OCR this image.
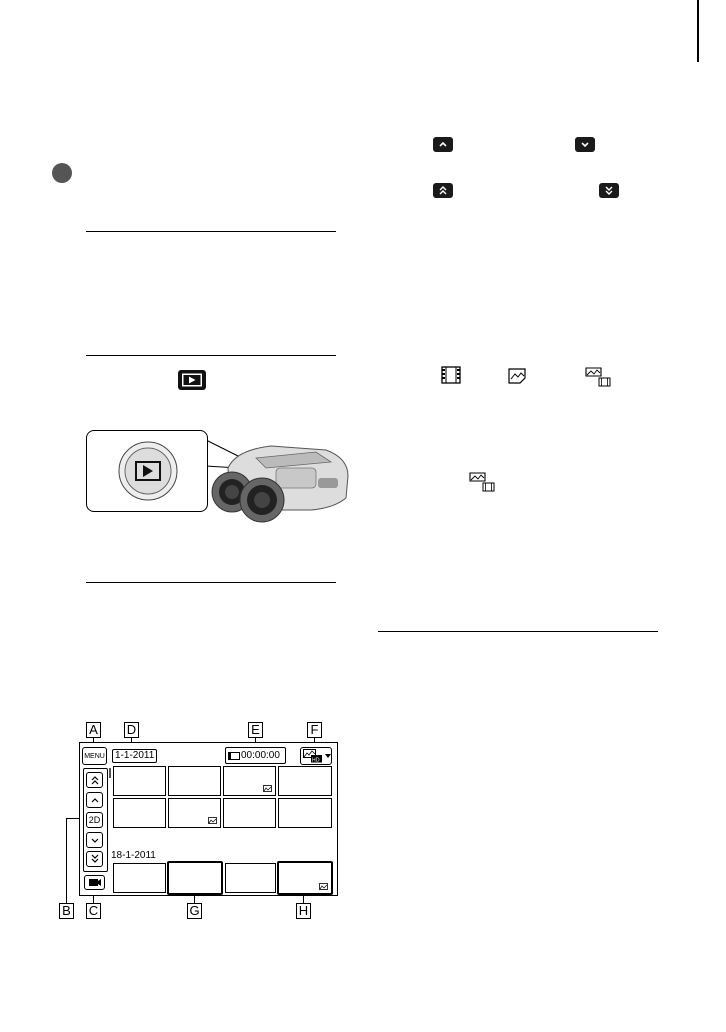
A D	E	F
B C	G	H
MENU	1-1-2011	00:00:00	HD
2D
18-1-2011
